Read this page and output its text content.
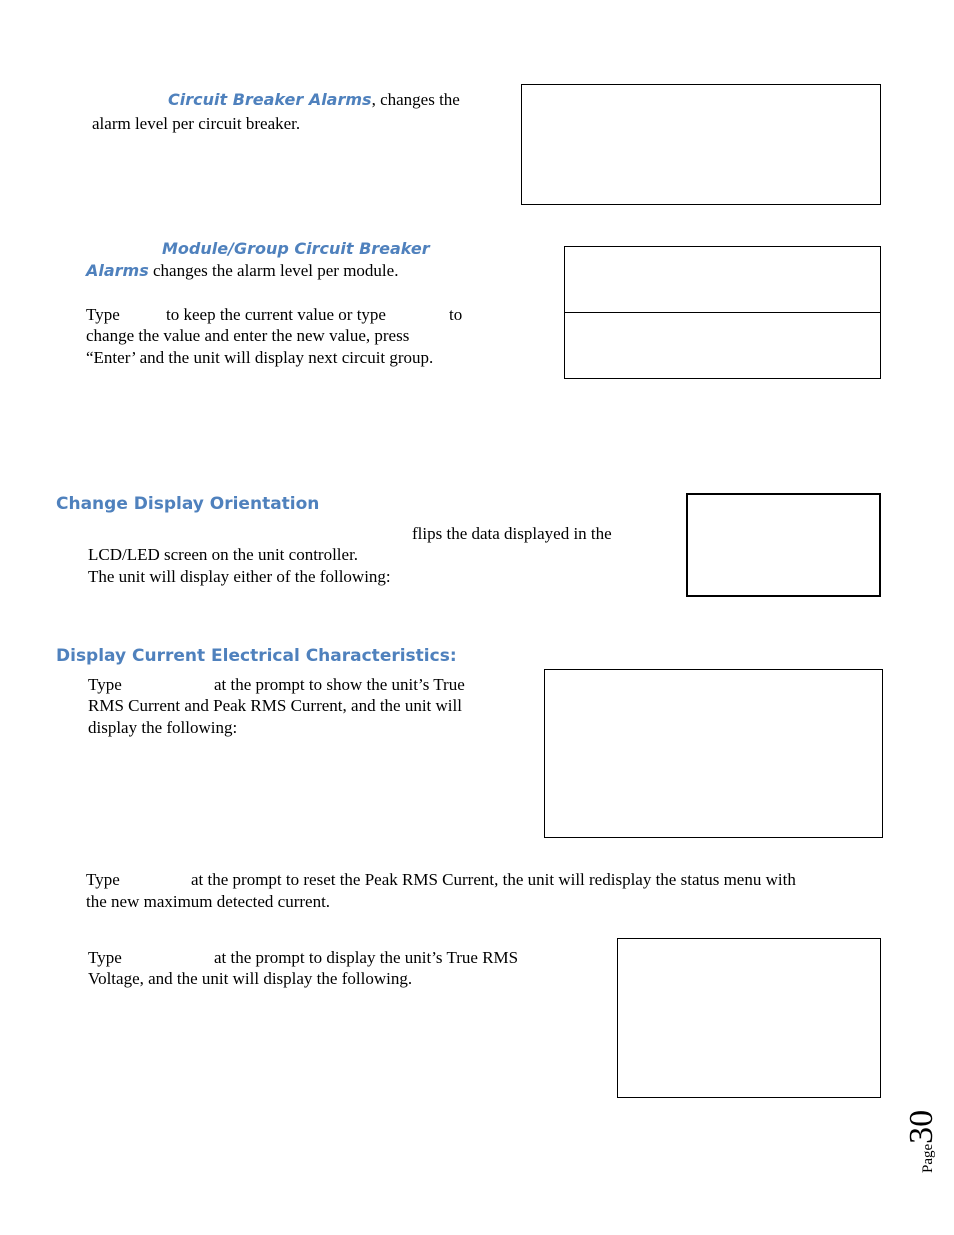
Circuit Breaker Alarms, changes the
alarm level per circuit breaker.
Module/Group Circuit Breaker
Alarms changes the alarm level per module.
Type	to keep the current value or type	to
change the value and enter the new value, press
“Enter’ and the unit will display next circuit group.
Change Display Orientation
flips the data displayed in the
LCD/LED screen on the unit controller.
The unit will display either of the following:
Display Current Electrical Characteristics:
Type	at the prompt to show the unit’s True
RMS Current and Peak RMS Current, and the unit will
display the following:
Type	at the prompt to reset the Peak RMS Current, the unit will redisplay the status menu with
the new maximum detected current.
Type	at the prompt to display the unit’s True RMS
Voltage, and the unit will display the following.
Page30
